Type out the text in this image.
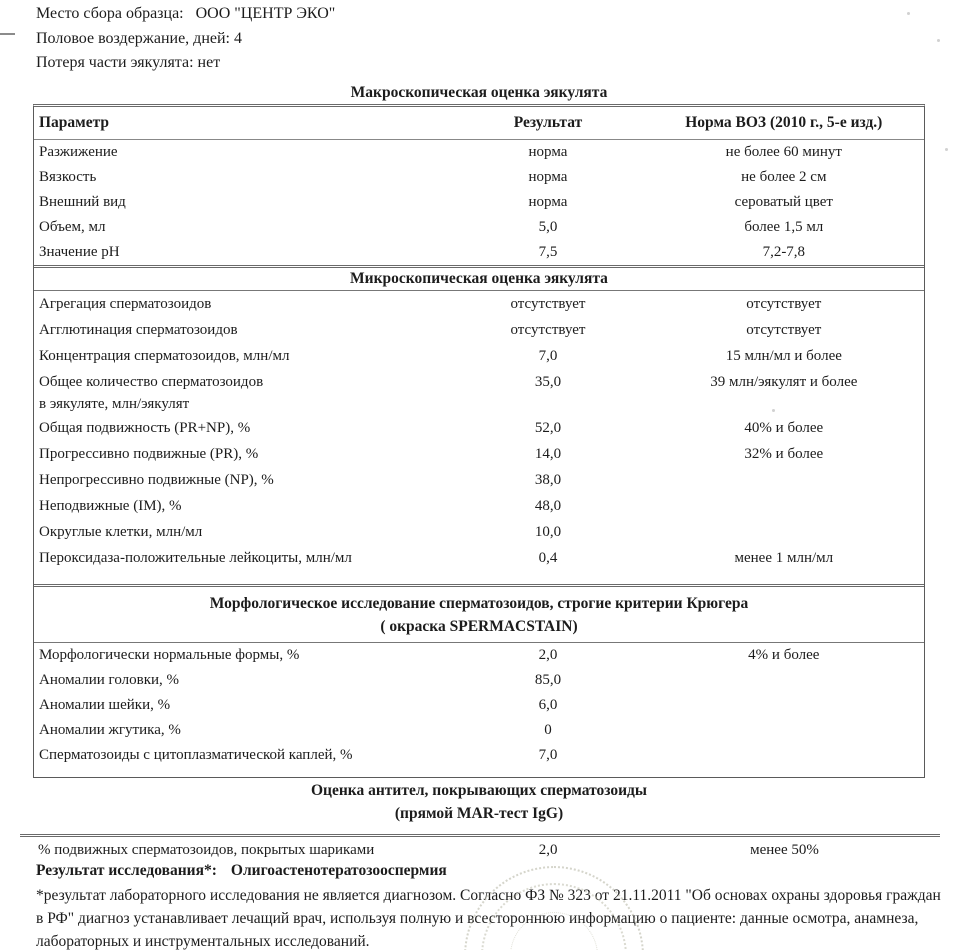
Место сбора образца: ООО "ЦЕНТР ЭКО"
Половое воздержание, дней: 4
Потеря части эякулята: нет
Макроскопическая оценка эякулята
Параметр	Результат	Норма ВОЗ (2010 г., 5-е изд.)
Разжижение	норма	не более 60 минут
Вязкость	норма	не более 2 см
Внешний вид	норма	сероватый цвет
Объем, мл	5,0	более 1,5 мл
Значение pH	7,5	7,2-7,8
Микроскопическая оценка эякулята
Агрегация сперматозоидов	отсутствует	отсутствует
Агглютинация сперматозоидов	отсутствует	отсутствует
Концентрация сперматозоидов, млн/мл	7,0	15 млн/мл и более
Общее количество сперматозоидов
в эякуляте, млн/эякулят
35,0	39 млн/эякулят и более
Общая подвижность (PR+NP), %	52,0	40% и более
Прогрессивно подвижные (PR), %	14,0	32% и более
Непрогрессивно подвижные (NP), %	38,0
Неподвижные (IM), %	48,0
Округлые клетки, млн/мл	10,0
Пероксидаза-положительные лейкоциты, млн/мл	0,4	менее 1 млн/мл
Морфологическое исследование сперматозоидов, строгие критерии Крюгера
( окраска SPERMACSTAIN)
Морфологически нормальные формы, %	2,0	4% и более
Аномалии головки, %	85,0
Аномалии шейки, %	6,0
Аномалии жгутика, %	0
Сперматозоиды с цитоплазматической каплей, %	7,0
Оценка антител, покрывающих сперматозоиды
(прямой MAR-тест IgG)
% подвижных сперматозоидов, покрытых шариками	2,0	менее 50%
Результат исследования*: Олигоастенотератозооспермия

*результат лабораторного исследования не является диагнозом. Согласно ФЗ № 323 от 21.11.2011 "Об основах охраны здоровья граждан в РФ" диагноз устанавливает лечащий врач, используя полную и всестороннюю информацию о пациенте: данные осмотра, анамнеза, лабораторных и инструментальных исследований.
